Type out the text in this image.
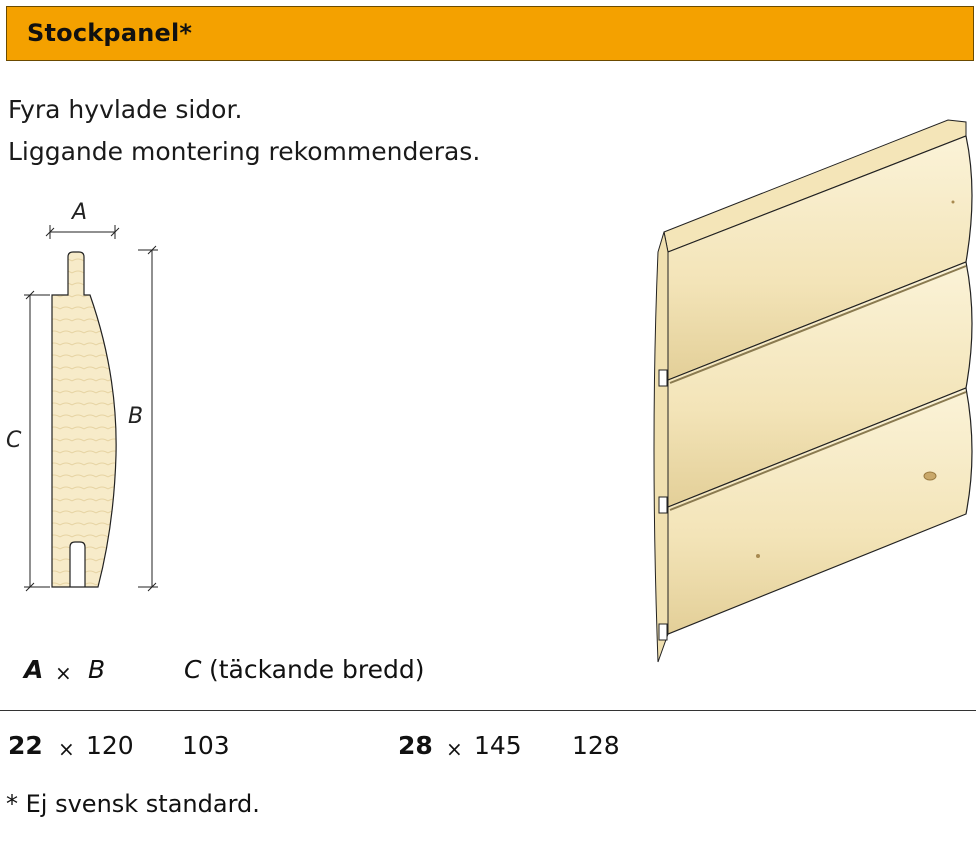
Stockpanel*
Fyra hyvlade sidor.
Liggande montering rekommenderas.
A
C
B
A × B	C (täckande bredd)
22 × 120 103	28 × 145 128
* Ej svensk standard.
